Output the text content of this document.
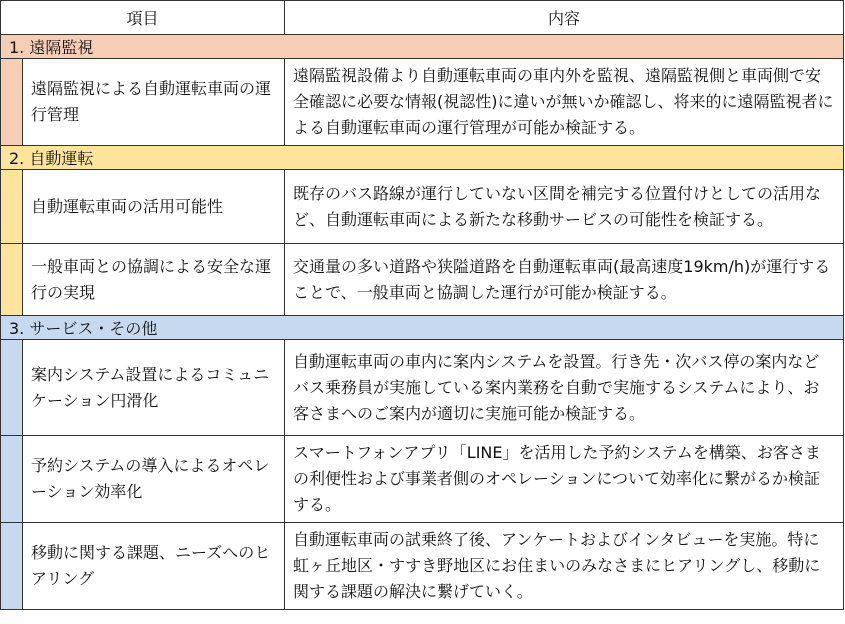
項目		内容
1. 遠隔監視		
	遠隔監視による自動運転車両の運行管理	遠隔監視設備より自動運転車両の車内外を監視、遠隔監視側と車両側で安全確認に必要な情報(視認性)に違いが無いか確認し、将来的に遠隔監視者による自動運転車両の運行管理が可能か検証する。
2. 自動運転		
	自動運転車両の活用可能性	既存のバス路線が運行していない区間を補完する位置付けとしての活用など、自動運転車両による新たな移動サービスの可能性を検証する。
	一般車両との協調による安全な運行の実現	交通量の多い道路や狭隘道路を自動運転車両(最高速度19km/h)が運行することで、一般車両と協調した運行が可能か検証する。
3. サービス・その他		
	案内システム設置によるコミュニケーション円滑化	自動運転車両の車内に案内システムを設置。行き先・次バス停の案内などバス乗務員が実施している案内業務を自動で実施するシステムにより、お客さまへのご案内が適切に実施可能か検証する。
	予約システムの導入によるオペレーション効率化	スマートフォンアプリ「LINE」を活用した予約システムを構築、お客さまの利便性および事業者側のオペレーションについて効率化に繋がるか検証する。
	移動に関する課題、ニーズへのヒアリング	自動運転車両の試乗終了後、アンケートおよびインタビューを実施。特に虹ヶ丘地区・すすき野地区にお住まいのみなさまにヒアリングし、移動に関する課題の解決に繋げていく。
